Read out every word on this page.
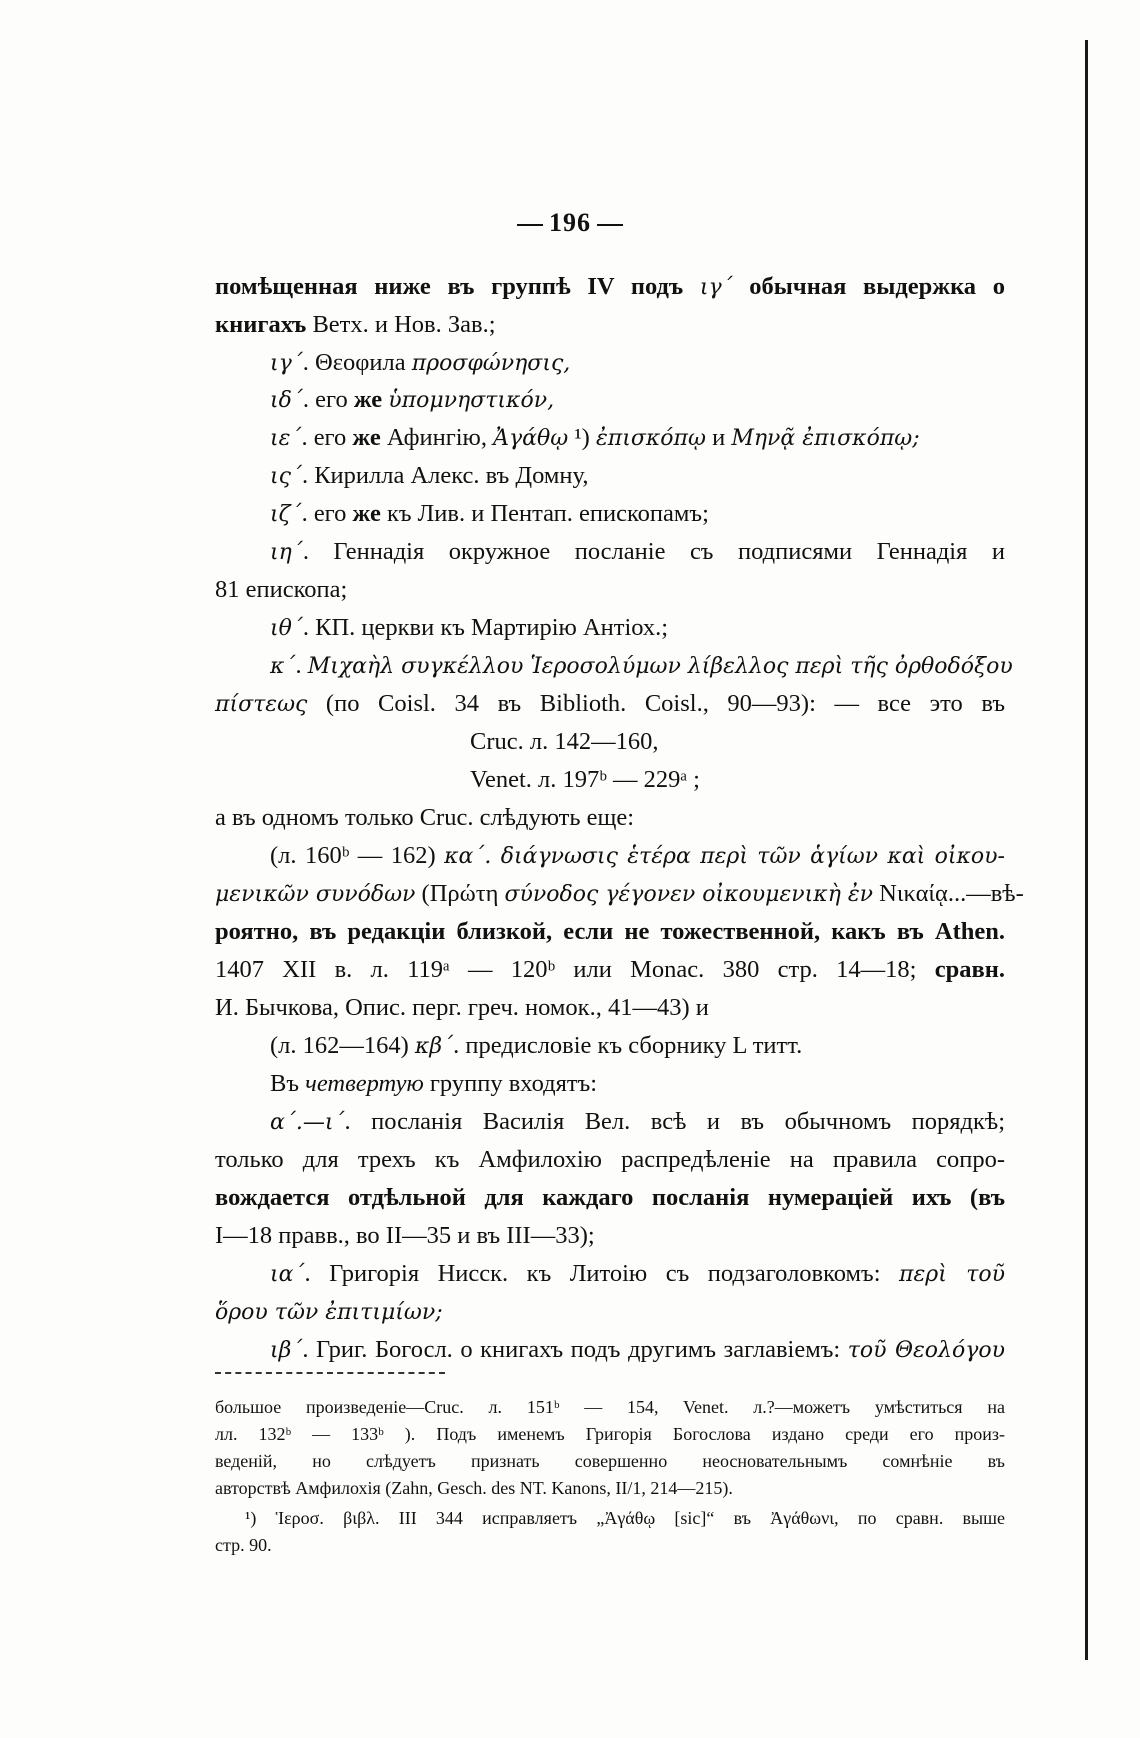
196
помѣщенная ниже въ группѣ IV подъ ιγ΄ обычная выдержка о
книгахъ Ветх. и Нов. Зав.;
ιγ΄. Θεοφила προσφώνησις,
ιδ΄. его же ὑπομνηστικόν,
ιε΄. его же Афингію, Ἀγάθῳ ¹) ἐπισκόπῳ и Μηνᾷ ἐπισκόπῳ;
ις΄. Кирилла Алекс. въ Домну,
ιζ΄. его же къ Лив. и Пентап. епископамъ;
ιη΄. Геннадія окружное посланіе съ подписями Геннадія и
81 епископа;
ιθ΄. КП. церкви къ Мартирію Антіох.;
κ΄. Μιχαὴλ συγκέλλου Ἱεροσολύμων λίβελλος περὶ τῆς ὀρθοδόξου
πίστεως (по Coisl. 34 въ Biblioth. Coisl., 90—93): — все это въ
Cruc. л. 142—160,
Venet. л. 197ᵇ — 229ᵃ ;
а въ одномъ только Cruc. слѣдують еще:
(л. 160ᵇ — 162) κα΄. διάγνωσις ἑτέρα περὶ τῶν ἁγίων καὶ οἰκου-
μενικῶν συνόδων (Πρώτη σύνοδος γέγονεν οἰκουμενικὴ ἐν Νικαίᾳ...—вѣ-
роятно, въ редакціи близкой, если не тожественной, какъ въ Athen.
1407 XII в. л. 119ᵃ — 120ᵇ или Monac. 380 стр. 14—18; сравн.
И. Бычкова, Опис. перг. греч. номок., 41—43) и
(л. 162—164) κβ΄. предисловіе къ сборнику L титт.
Въ четвертую группу входятъ:
α΄.—ι΄. посланія Василія Вел. всѣ и въ обычномъ порядкѣ;
только для трехъ къ Амфилохію распредѣленіе на правила сопро-
вождается отдѣльной для каждаго посланія нумераціей ихъ (въ
I—18 правв., во II—35 и въ III—33);
ια΄. Григорія Нисск. къ Литоію съ подзаголовкомъ: περὶ τοῦ
ὅρου τῶν ἐπιτιμίων;
ιβ΄. Григ. Богосл. о книгахъ подъ другимъ заглавіемъ: τοῦ Θεολόγου
большое произведеніе—Cruc. л. 151ᵇ — 154, Venet. л.?—можетъ умѣститься на
лл. 132ᵇ — 133ᵇ ). Подъ именемъ Григорія Богослова издано среди его произ-
веденій, но слѣдуетъ признать совершенно неосновательнымъ сомнѣніе въ
авторствѣ Амфилохія (Zahn, Gesch. des NT. Kanons, II/1, 214—215).
¹) Ἱεροσ. βιβλ. III 344 исправляетъ „Ἀγάθῳ [sic]“ въ Ἀγάθωνι, по сравн. выше
стр. 90.
